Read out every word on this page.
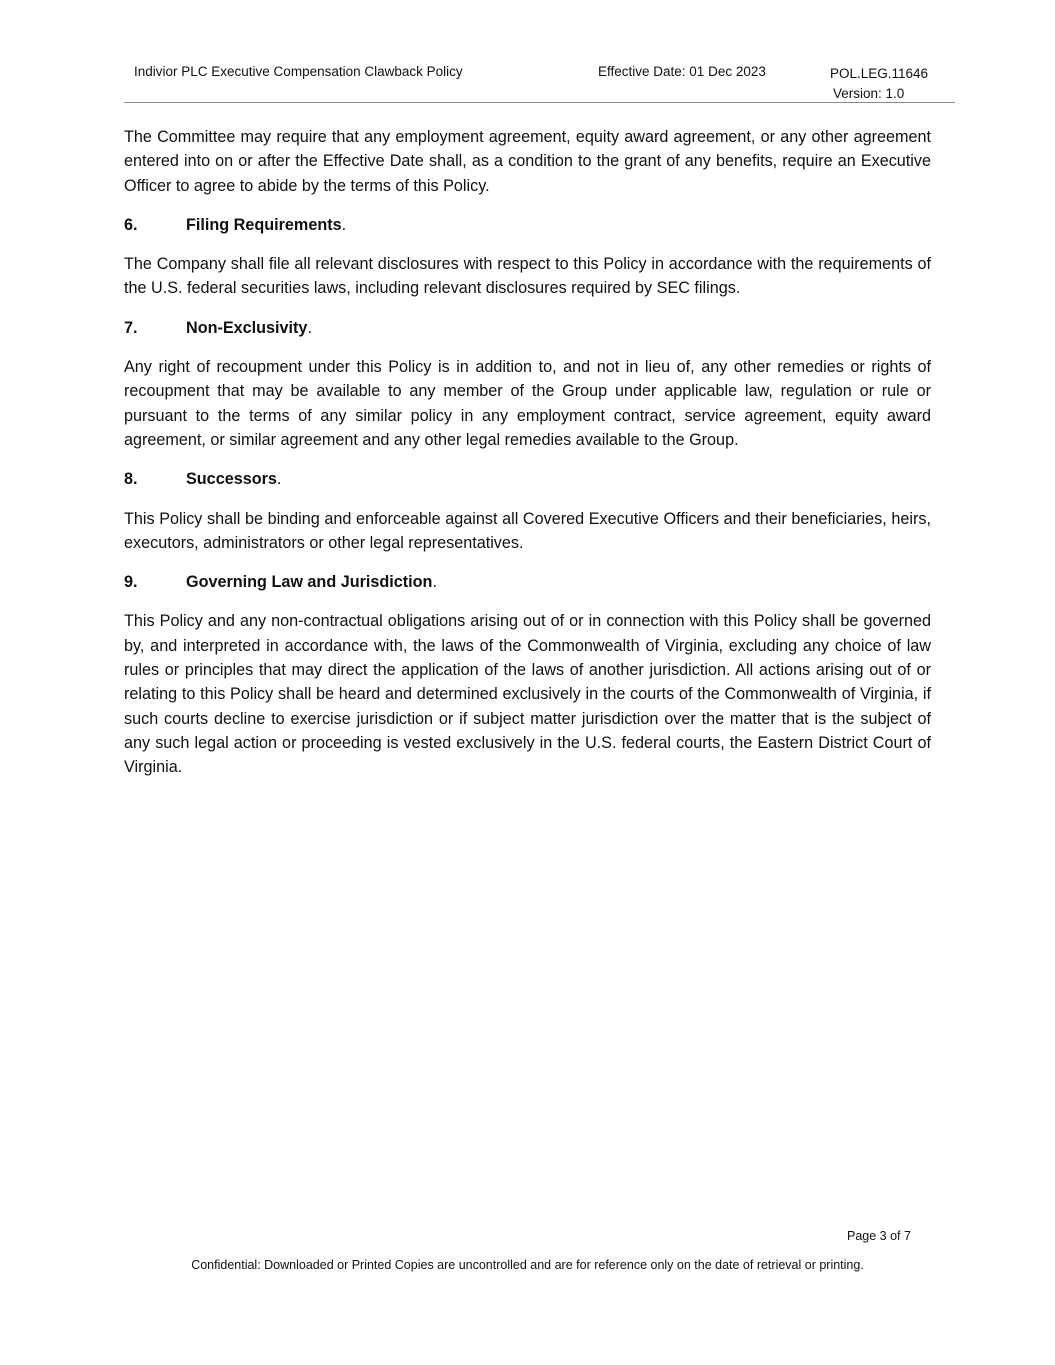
Indivior PLC Executive Compensation Clawback Policy	Effective Date: 01 Dec 2023	POL.LEG.11646
Version: 1.0

The Committee may require that any employment agreement, equity award agreement, or any other agreement entered into on or after the Effective Date shall, as a condition to the grant of any benefits, require an Executive Officer to agree to abide by the terms of this Policy.

6.	Filing Requirements.

The Company shall file all relevant disclosures with respect to this Policy in accordance with the requirements of the U.S. federal securities laws, including relevant disclosures required by SEC filings.

7.	Non-Exclusivity.

Any right of recoupment under this Policy is in addition to, and not in lieu of, any other remedies or rights of recoupment that may be available to any member of the Group under applicable law, regulation or rule or pursuant to the terms of any similar policy in any employment contract, service agreement, equity award agreement, or similar agreement and any other legal remedies available to the Group.

8.	Successors.

This Policy shall be binding and enforceable against all Covered Executive Officers and their beneficiaries, heirs, executors, administrators or other legal representatives.

9.	Governing Law and Jurisdiction.

This Policy and any non-contractual obligations arising out of or in connection with this Policy shall be governed by, and interpreted in accordance with, the laws of the Commonwealth of Virginia, excluding any choice of law rules or principles that may direct the application of the laws of another jurisdiction. All actions arising out of or relating to this Policy shall be heard and determined exclusively in the courts of the Commonwealth of Virginia, if such courts decline to exercise jurisdiction or if subject matter jurisdiction over the matter that is the subject of any such legal action or proceeding is vested exclusively in the U.S. federal courts, the Eastern District Court of Virginia.

Page 3 of 7
Confidential: Downloaded or Printed Copies are uncontrolled and are for reference only on the date of retrieval or printing.
